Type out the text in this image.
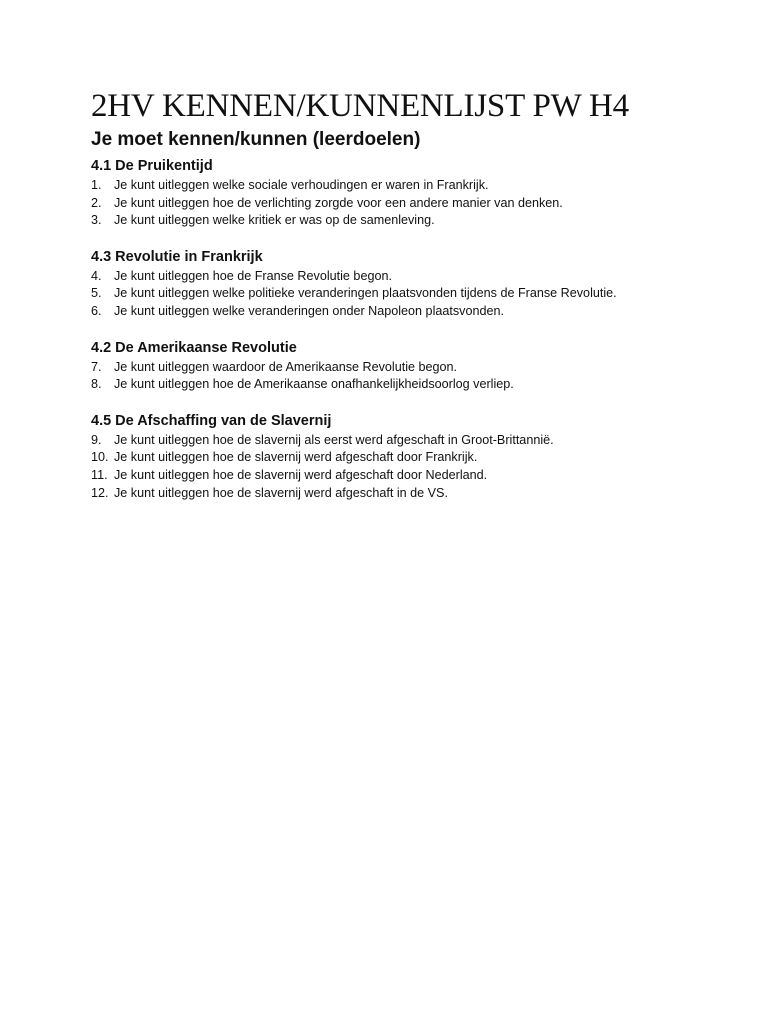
2HV KENNEN/KUNNENLIJST PW H4
Je moet kennen/kunnen (leerdoelen)
4.1 De Pruikentijd
1. Je kunt uitleggen welke sociale verhoudingen er waren in Frankrijk.
2. Je kunt uitleggen hoe de verlichting zorgde voor een andere manier van denken.
3. Je kunt uitleggen welke kritiek er was op de samenleving.
4.3 Revolutie in Frankrijk
4. Je kunt uitleggen hoe de Franse Revolutie begon.
5. Je kunt uitleggen welke politieke veranderingen plaatsvonden tijdens de Franse Revolutie.
6. Je kunt uitleggen welke veranderingen onder Napoleon plaatsvonden.
4.2 De Amerikaanse Revolutie
7. Je kunt uitleggen waardoor de Amerikaanse Revolutie begon.
8. Je kunt uitleggen hoe de Amerikaanse onafhankelijkheidsoorlog verliep.
4.5 De Afschaffing van de Slavernij
9. Je kunt uitleggen hoe de slavernij als eerst werd afgeschaft in Groot-Brittannië.
10. Je kunt uitleggen hoe de slavernij werd afgeschaft door Frankrijk.
11. Je kunt uitleggen hoe de slavernij werd afgeschaft door Nederland.
12. Je kunt uitleggen hoe de slavernij werd afgeschaft in de VS.
